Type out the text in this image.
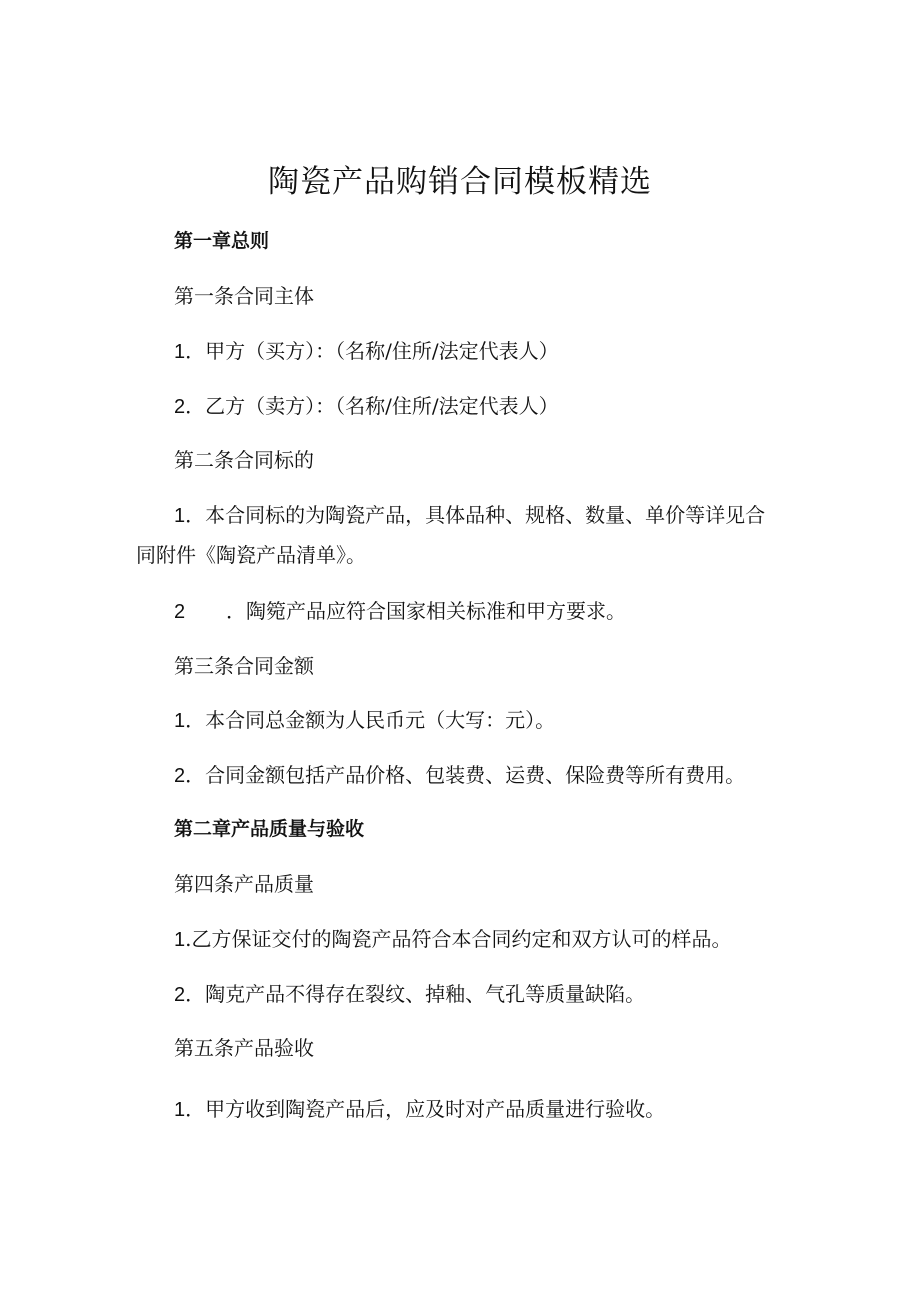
陶瓷产品购销合同模板精选
第一章总则
第一条合同主体
1．甲方（买方）：（名称/住所/法定代表人）
2．乙方（卖方）：（名称/住所/法定代表人）
第二条合同标的
1．本合同标的为陶瓷产品，具体品种、规格、数量、单价等详见合
同附件《陶瓷产品清单》。
2 ．陶箢产品应符合国家相关标准和甲方要求。
第三条合同金额
1．本合同总金额为人民币元（大写：元）。
2．合同金额包括产品价格、包装费、运费、保险费等所有费用。
第二章产品质量与验收
第四条产品质量
1.乙方保证交付的陶瓷产品符合本合同约定和双方认可的样品。
2．陶克产品不得存在裂纹、掉釉、气孔等质量缺陷。
第五条产品验收
1．甲方收到陶瓷产品后，应及时对产品质量进行验收。
